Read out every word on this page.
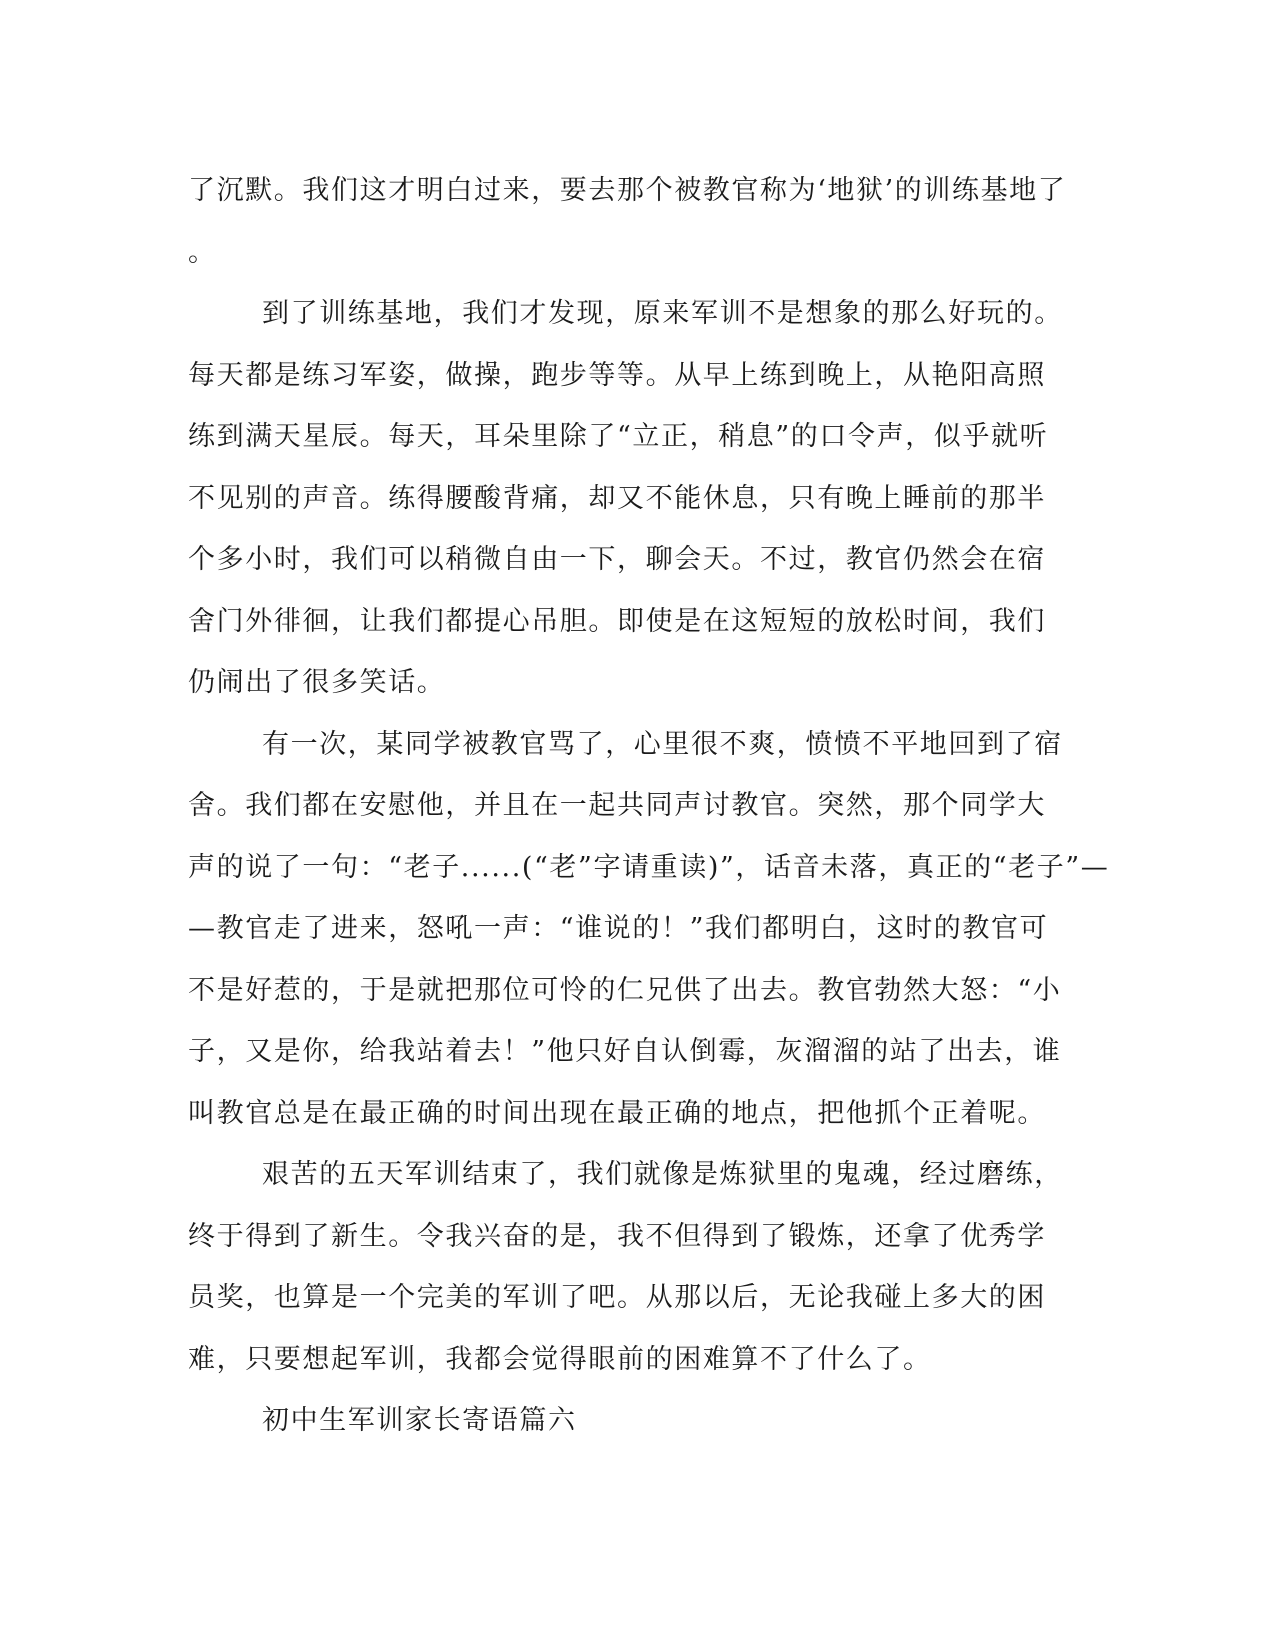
了沉默。我们这才明白过来，要去那个被教官称为‘地狱’的训练基地了
。
到了训练基地，我们才发现，原来军训不是想象的那么好玩的。
每天都是练习军姿，做操，跑步等等。从早上练到晚上，从艳阳高照
练到满天星辰。每天，耳朵里除了“立正，稍息”的口令声，似乎就听
不见别的声音。练得腰酸背痛，却又不能休息，只有晚上睡前的那半
个多小时，我们可以稍微自由一下，聊会天。不过，教官仍然会在宿
舍门外徘徊，让我们都提心吊胆。即使是在这短短的放松时间，我们
仍闹出了很多笑话。
有一次，某同学被教官骂了，心里很不爽，愤愤不平地回到了宿
舍。我们都在安慰他，并且在一起共同声讨教官。突然，那个同学大
声的说了一句：“老子......(“老”字请重读)”，话音未落，真正的“老子”—
—教官走了进来，怒吼一声：“谁说的！”我们都明白，这时的教官可
不是好惹的，于是就把那位可怜的仁兄供了出去。教官勃然大怒：“小
子，又是你，给我站着去！”他只好自认倒霉，灰溜溜的站了出去，谁
叫教官总是在最正确的时间出现在最正确的地点，把他抓个正着呢。
艰苦的五天军训结束了，我们就像是炼狱里的鬼魂，经过磨练，
终于得到了新生。令我兴奋的是，我不但得到了锻炼，还拿了优秀学
员奖，也算是一个完美的军训了吧。从那以后，无论我碰上多大的困
难，只要想起军训，我都会觉得眼前的困难算不了什么了。
初中生军训家长寄语篇六
